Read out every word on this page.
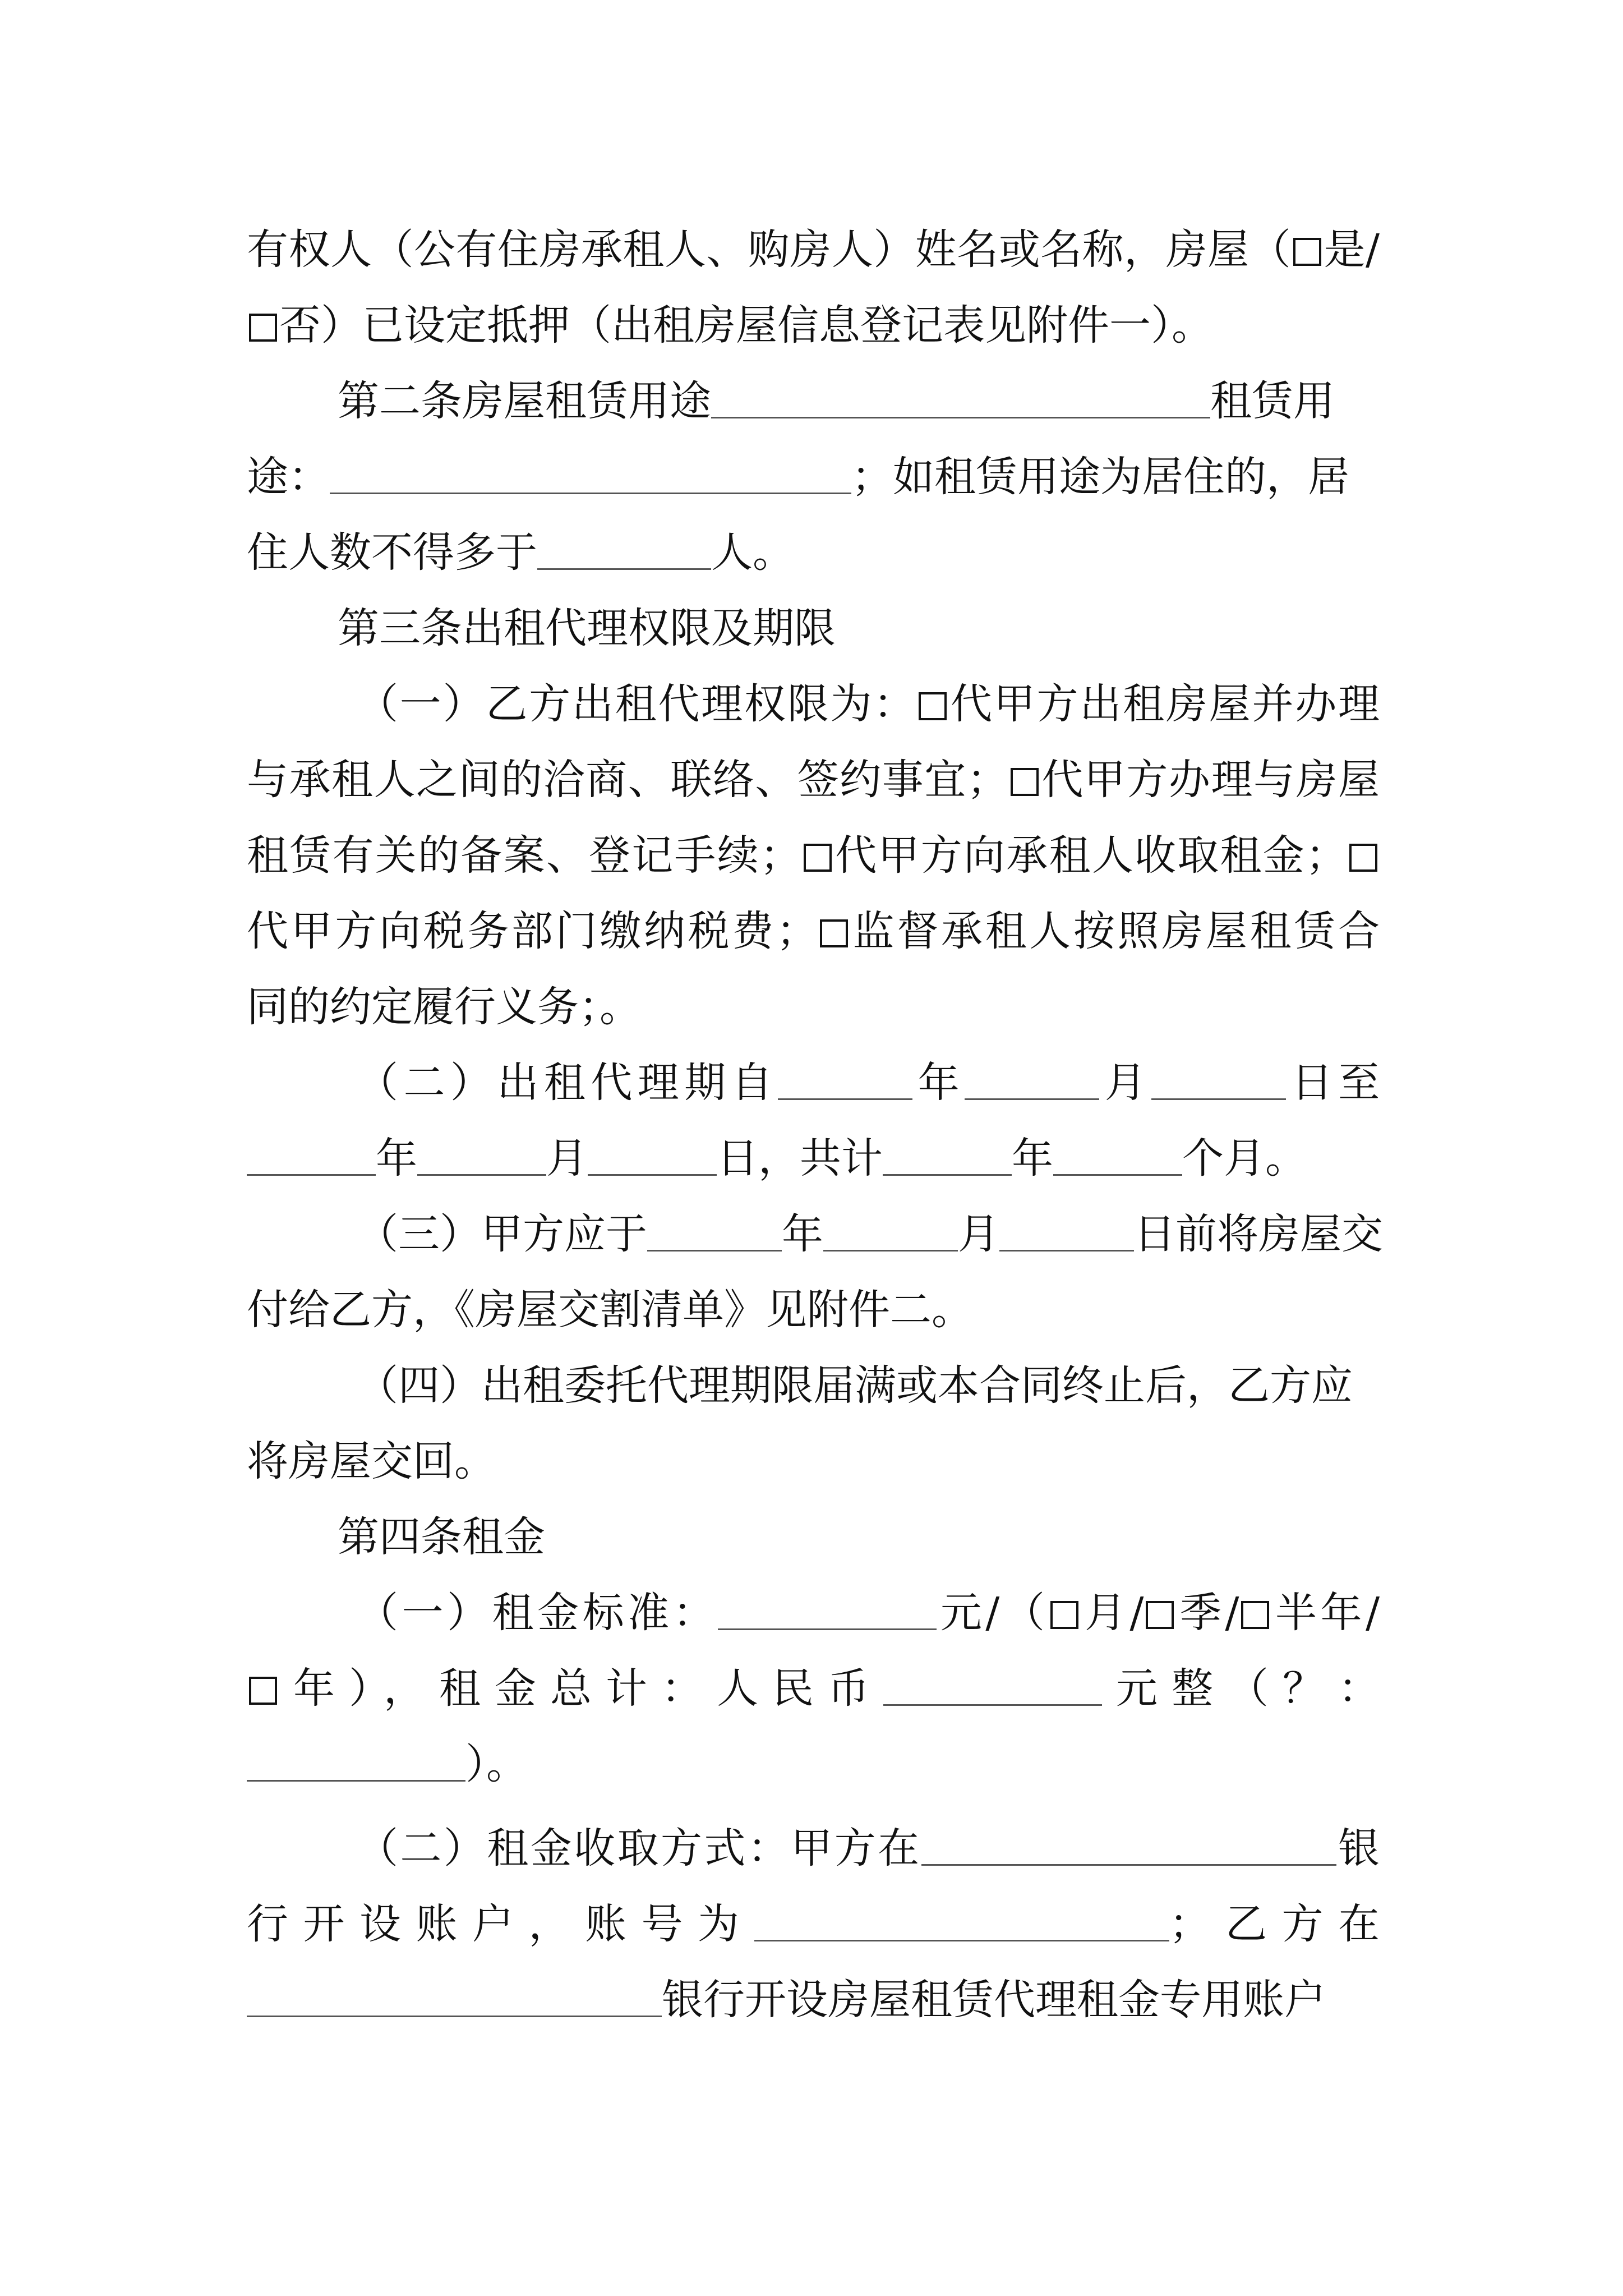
有权人（公有住房承租人、购房人）姓名或名称，房屋（ 是/
否）已设定抵押（出租房屋信息登记表见附件一）。
第二条房屋租赁用途	租赁用
途：	；如租赁用途为居住的，居
住人数不得多于	人。
第三条出租代理权限及期限
（一）乙方出租代理权限为： 代甲方出租房屋并办理
与承租人之间的洽商、联络、签约事宜； 代甲方办理与房屋
租赁有关的备案、登记手续； 代甲方向承租人收取租金；
代甲方向税务部门缴纳税费； 监督承租人按照房屋租赁合
同的约定履行义务；。
（二）出租代理期自	年	月	日至
年	月	日，共计	年	个月。
（三）甲方应于	年	月	日前将房屋交
付给乙方，《房屋交割清单》见附件二。
（四）出租委托代理期限届满或本合同终止后，乙方应
将房屋交回。
第四条租金
（一）租金标准：	元/（ 月/ 季/ 半年/
年），租金总计：人民币	元整（？：
）。
（二）租金收取方式：甲方在	银
行开设账户，账号为	；乙方在
银行开设房屋租赁代理租金专用账户
